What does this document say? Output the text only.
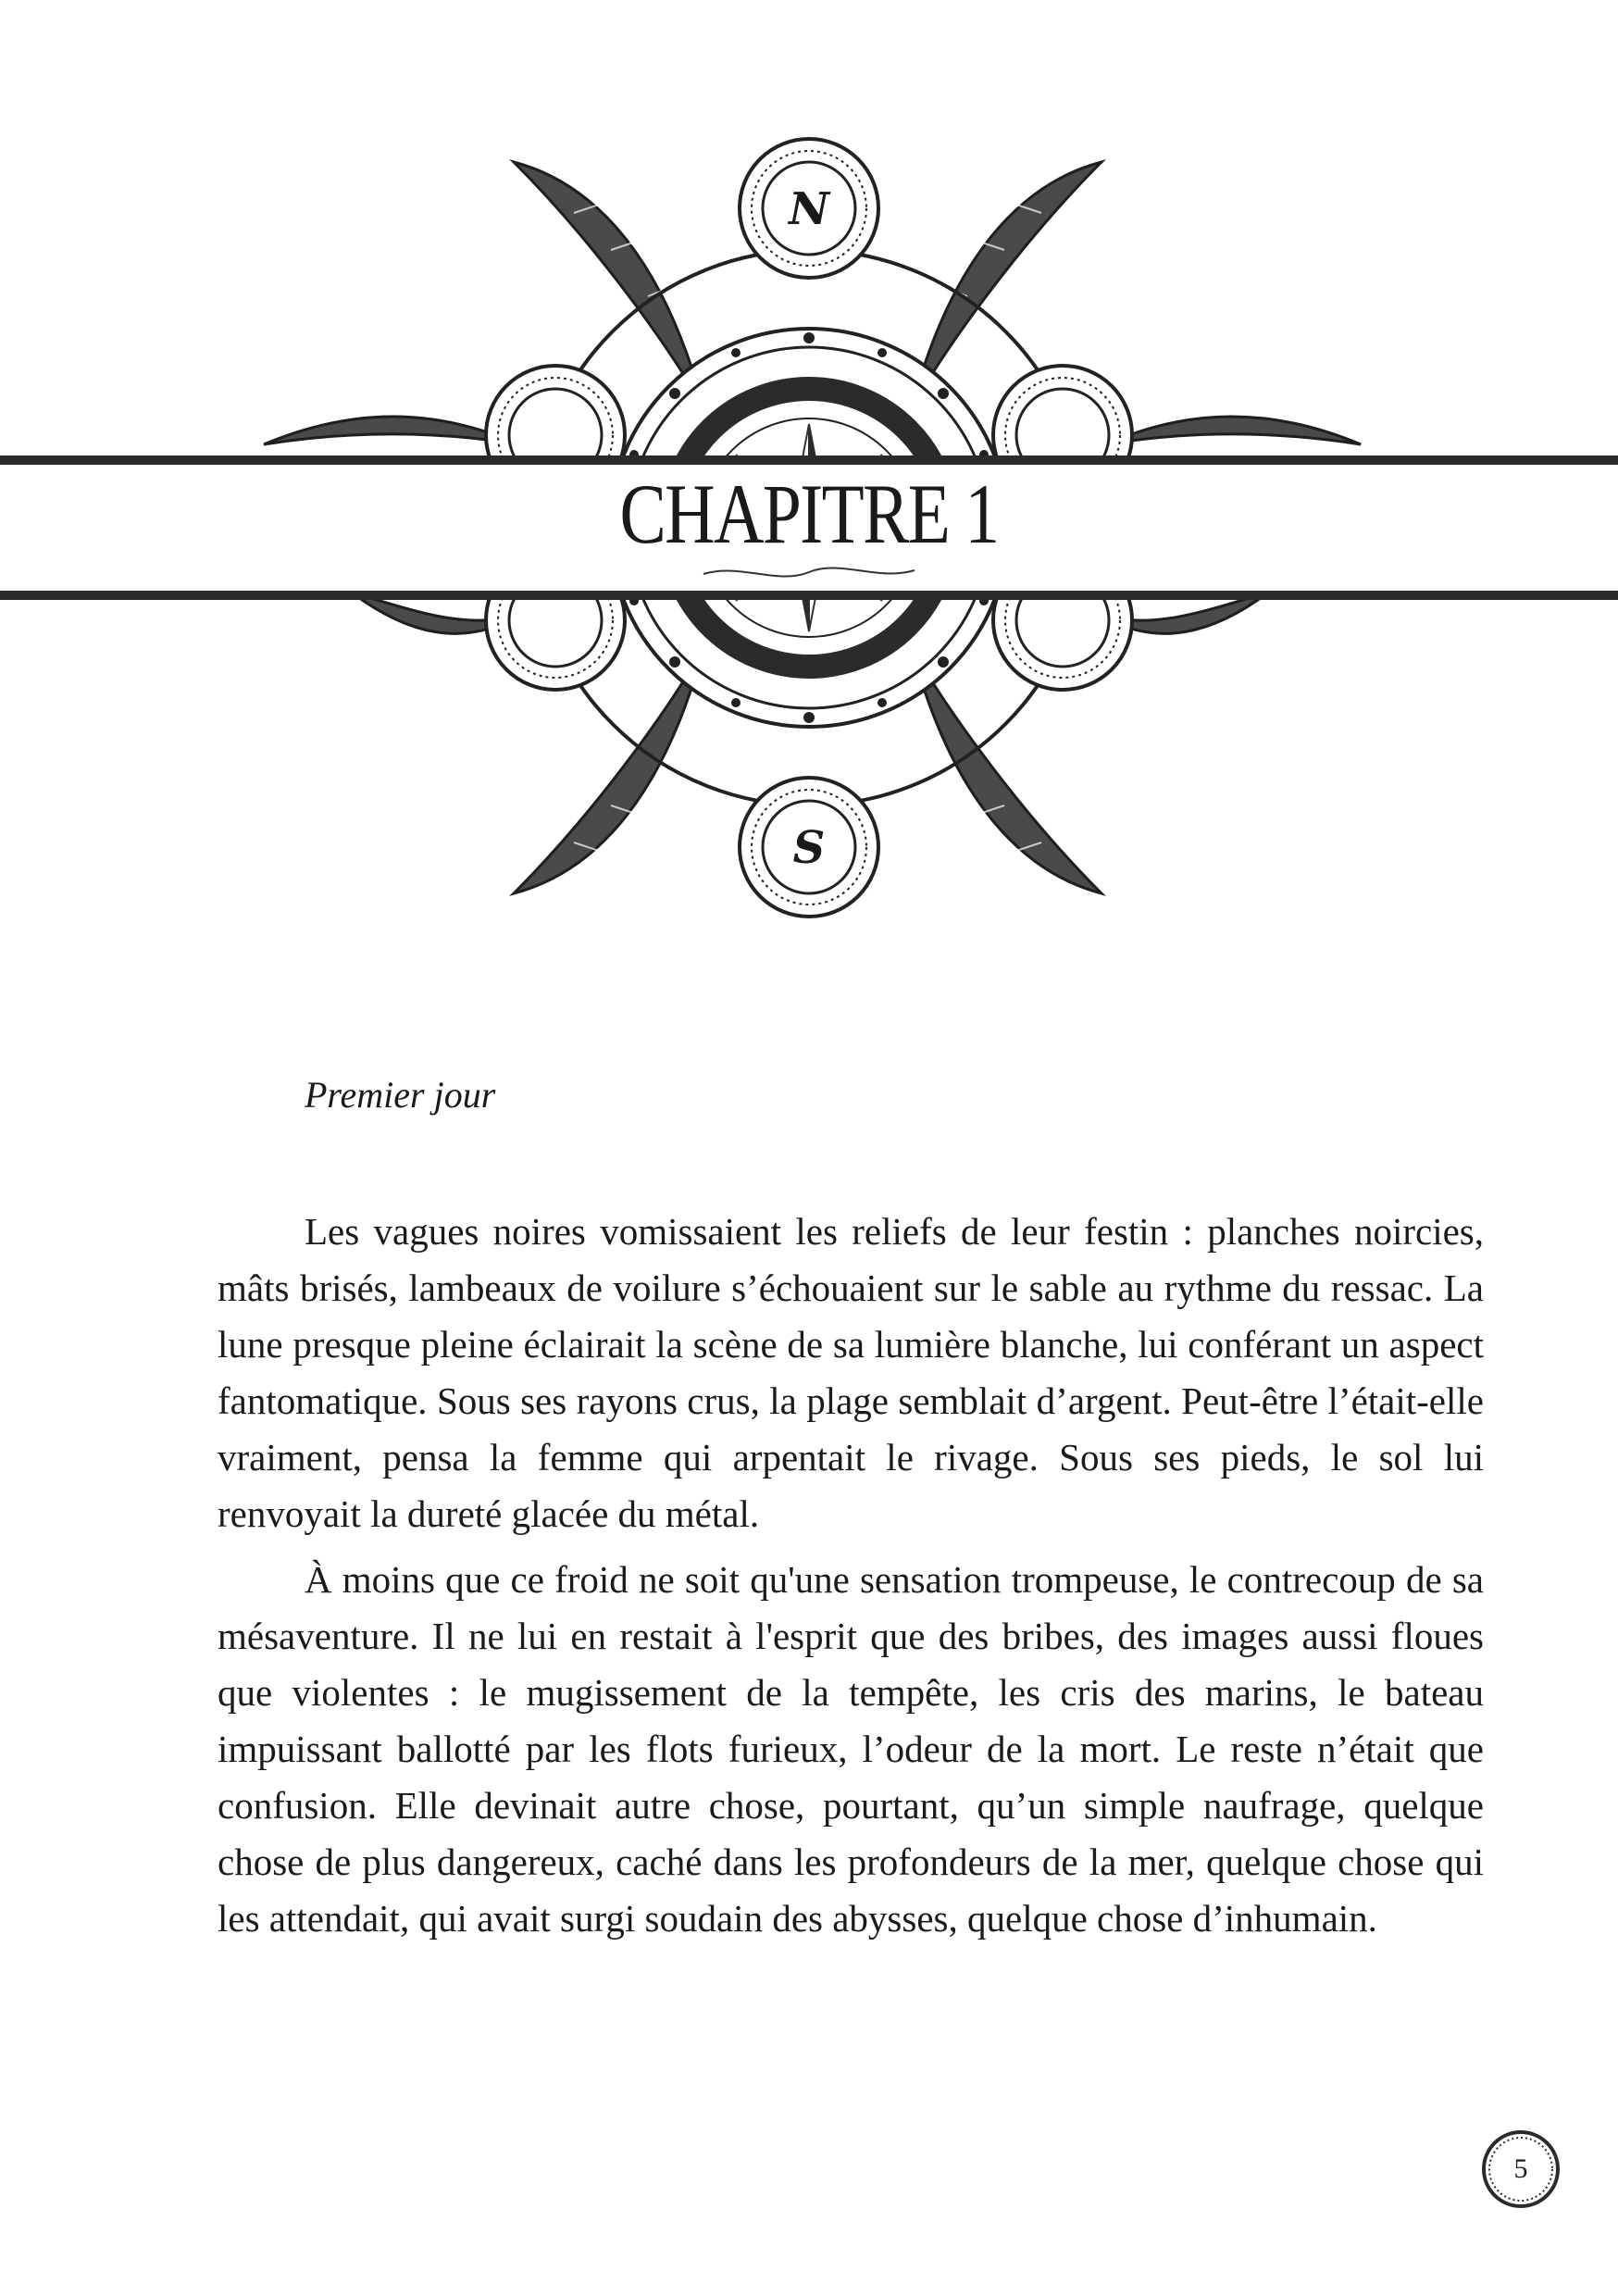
N
S
CHAPITRE 1
Premier jour

Les vagues noires vomissaient les reliefs de leur festin : planches noircies, mâts brisés, lambeaux de voilure s’échouaient sur le sable au rythme du ressac. La lune presque pleine éclairait la scène de sa lumière blanche, lui conférant un aspect fantomatique. Sous ses rayons crus, la plage semblait d’argent. Peut-être l’était-elle vraiment, pensa la femme qui arpentait le rivage. Sous ses pieds, le sol lui renvoyait la dureté glacée du métal.

À moins que ce froid ne soit qu'une sensation trompeuse, le contrecoup de sa mésaventure. Il ne lui en restait à l'esprit que des bribes, des images aussi floues que violentes : le mugissement de la tempête, les cris des marins, le bateau impuissant ballotté par les flots furieux, l’odeur de la mort. Le reste n’était que confusion. Elle devinait autre chose, pourtant, qu’un simple naufrage, quelque chose de plus dangereux, caché dans les profondeurs de la mer, quelque chose qui les attendait, qui avait surgi soudain des abysses, quelque chose d’inhumain.

5
